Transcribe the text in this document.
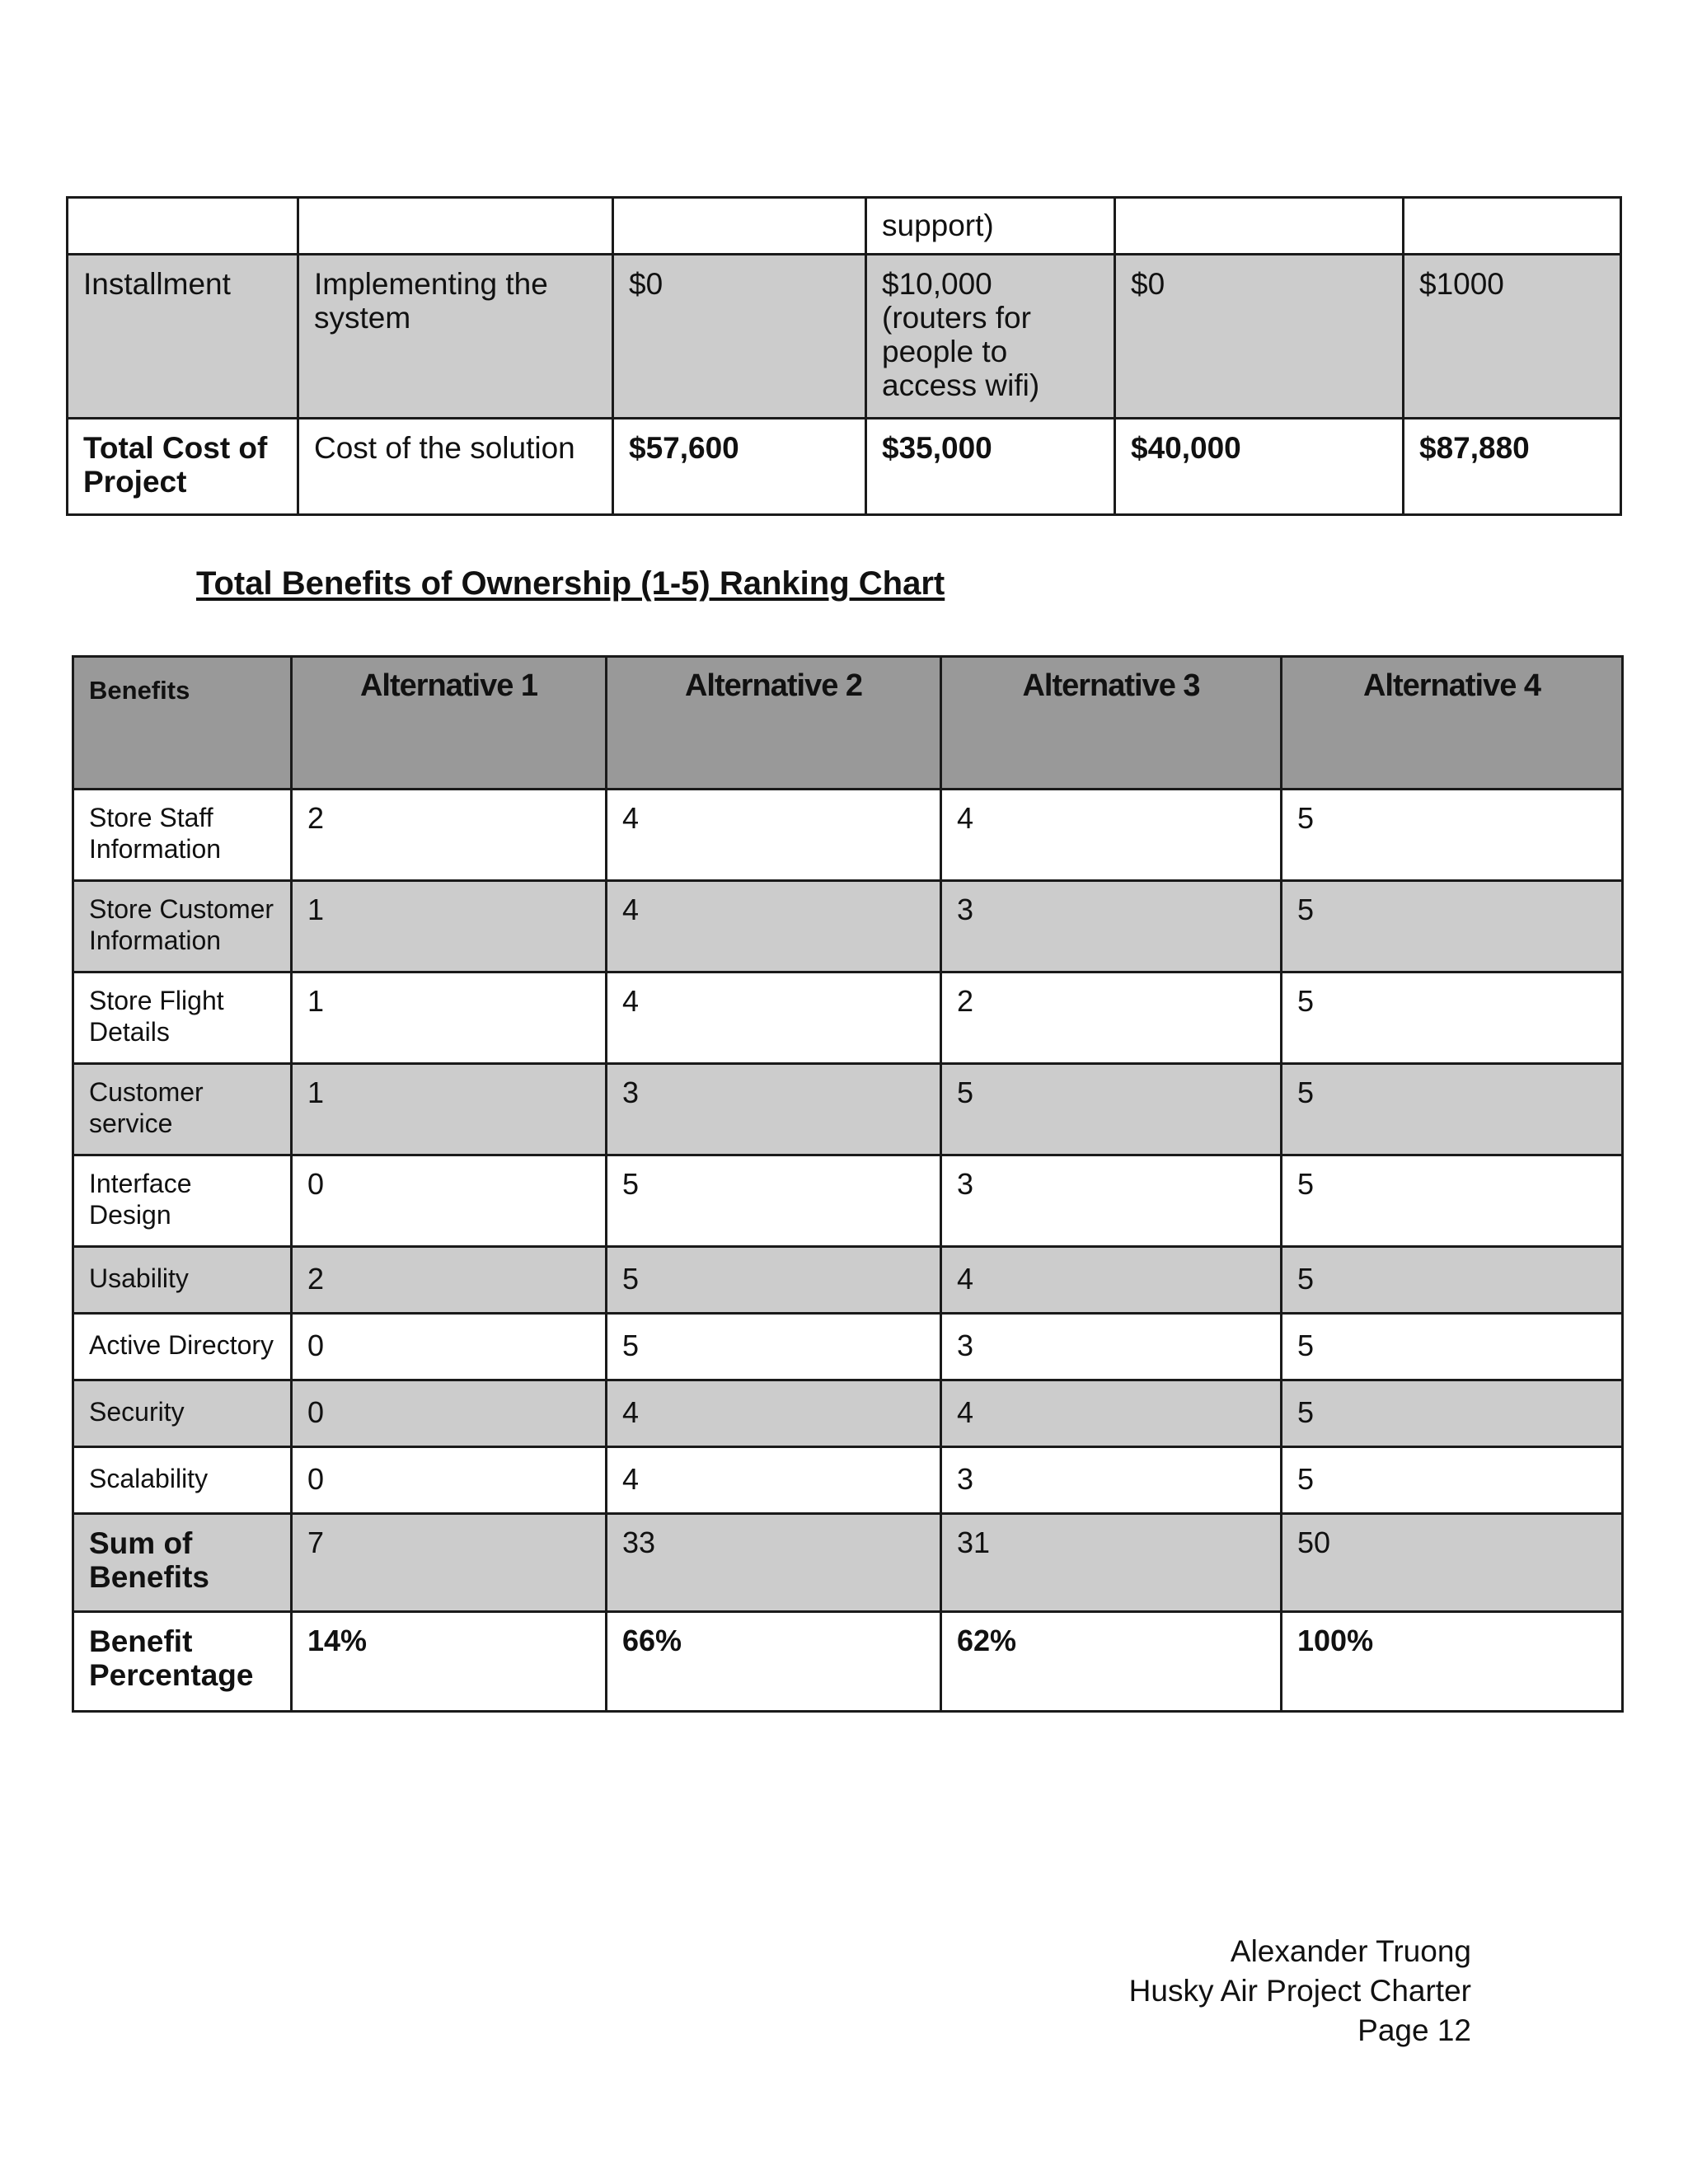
			support)		
Installment	Implementing the system	$0	$10,000 (routers for people to access wifi)	$0	$1000
Total Cost of Project	Cost of the solution	$57,600	$35,000	$40,000	$87,880
Total Benefits of Ownership (1-5) Ranking Chart
Benefits	Alternative 1	Alternative 2	Alternative 3	Alternative 4
Store Staff Information	2	4	4	5
Store Customer Information	1	4	3	5
Store Flight Details	1	4	2	5
Customer service	1	3	5	5
Interface Design	0	5	3	5
Usability	2	5	4	5
Active Directory	0	5	3	5
Security	0	4	4	5
Scalability	0	4	3	5
Sum of Benefits	7	33	31	50
Benefit Percentage	14%	66%	62%	100%
Alexander Truong
Husky Air Project Charter
Page 12
